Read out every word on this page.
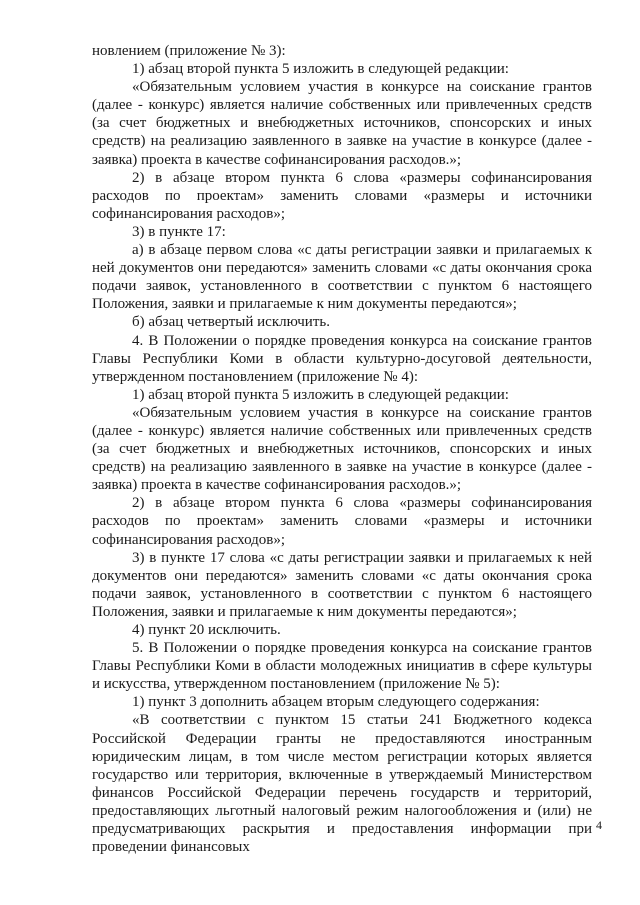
новлением (приложение № 3):

1) абзац второй пункта 5 изложить в следующей редакции:

«Обязательным условием участия в конкурсе на соискание грантов (далее - конкурс) является наличие собственных или привлеченных средств (за счет бюджетных и внебюджетных источников, спонсорских и иных средств) на реализацию заявленного в заявке на участие в конкурсе (далее - заявка) проекта в качестве софинансирования расходов.»;

2) в абзаце втором пункта 6 слова «размеры софинансирования расходов по проектам» заменить словами «размеры и источники софинансирования расходов»;

3) в пункте 17:

а) в абзаце первом слова «с даты регистрации заявки и прилагаемых к ней документов они передаются» заменить словами «с даты окончания срока подачи заявок, установленного в соответствии с пунктом 6 настоящего Положения, заявки и прилагаемые к ним документы передаются»;

б) абзац четвертый исключить.

4. В Положении о порядке проведения конкурса на соискание грантов Главы Республики Коми в области культурно-досуговой деятельности, утвержденном постановлением (приложение № 4):

1) абзац второй пункта 5 изложить в следующей редакции:

«Обязательным условием участия в конкурсе на соискание грантов (далее - конкурс) является наличие собственных или привлеченных средств (за счет бюджетных и внебюджетных источников, спонсорских и иных средств) на реализацию заявленного в заявке на участие в конкурсе (далее - заявка) проекта в качестве софинансирования расходов.»;

2) в абзаце втором пункта 6 слова «размеры софинансирования расходов по проектам» заменить словами «размеры и источники софинансирования расходов»;

3) в пункте 17 слова «с даты регистрации заявки и прилагаемых к ней документов они передаются» заменить словами «с даты окончания срока подачи заявок, установленного в соответствии с пунктом 6 настоящего Положения, заявки и прилагаемые к ним документы передаются»;

4) пункт 20 исключить.

5. В Положении о порядке проведения конкурса на соискание грантов Главы Республики Коми в области молодежных инициатив в сфере культуры и искусства, утвержденном постановлением (приложение № 5):

1) пункт 3 дополнить абзацем вторым следующего содержания:

«В соответствии с пунктом 15 статьи 241 Бюджетного кодекса Российской Федерации гранты не предоставляются иностранным юридическим лицам, в том числе местом регистрации которых является государство или территория, включенные в утверждаемый Министерством финансов Российской Федерации перечень государств и территорий, предоставляющих льготный налоговый режим налогообложения и (или) не предусматривающих раскрытия и предоставления информации при проведении финансовых

4
